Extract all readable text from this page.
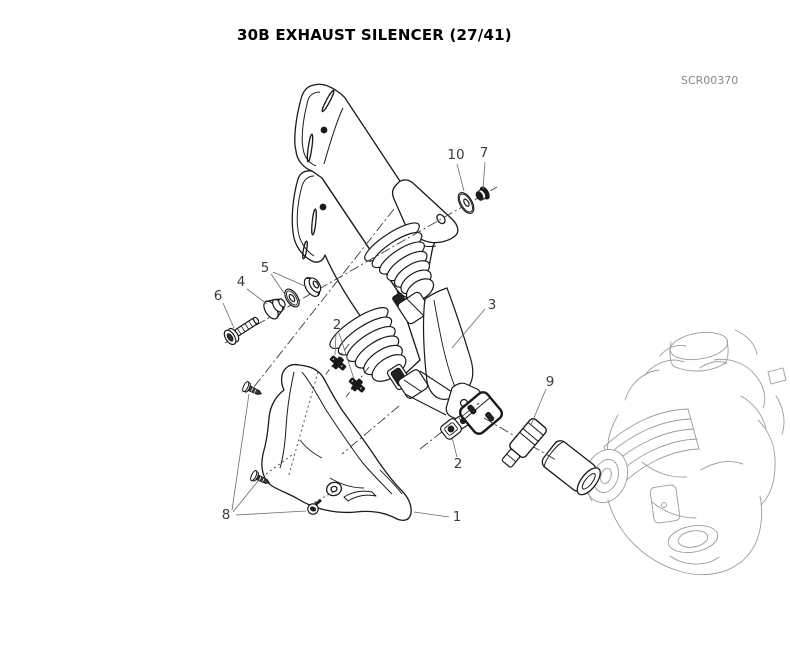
30B EXHAUST SILENCER (27/41)
SCR00370
10 7
5
4
6
2
3
9
2
8	1
